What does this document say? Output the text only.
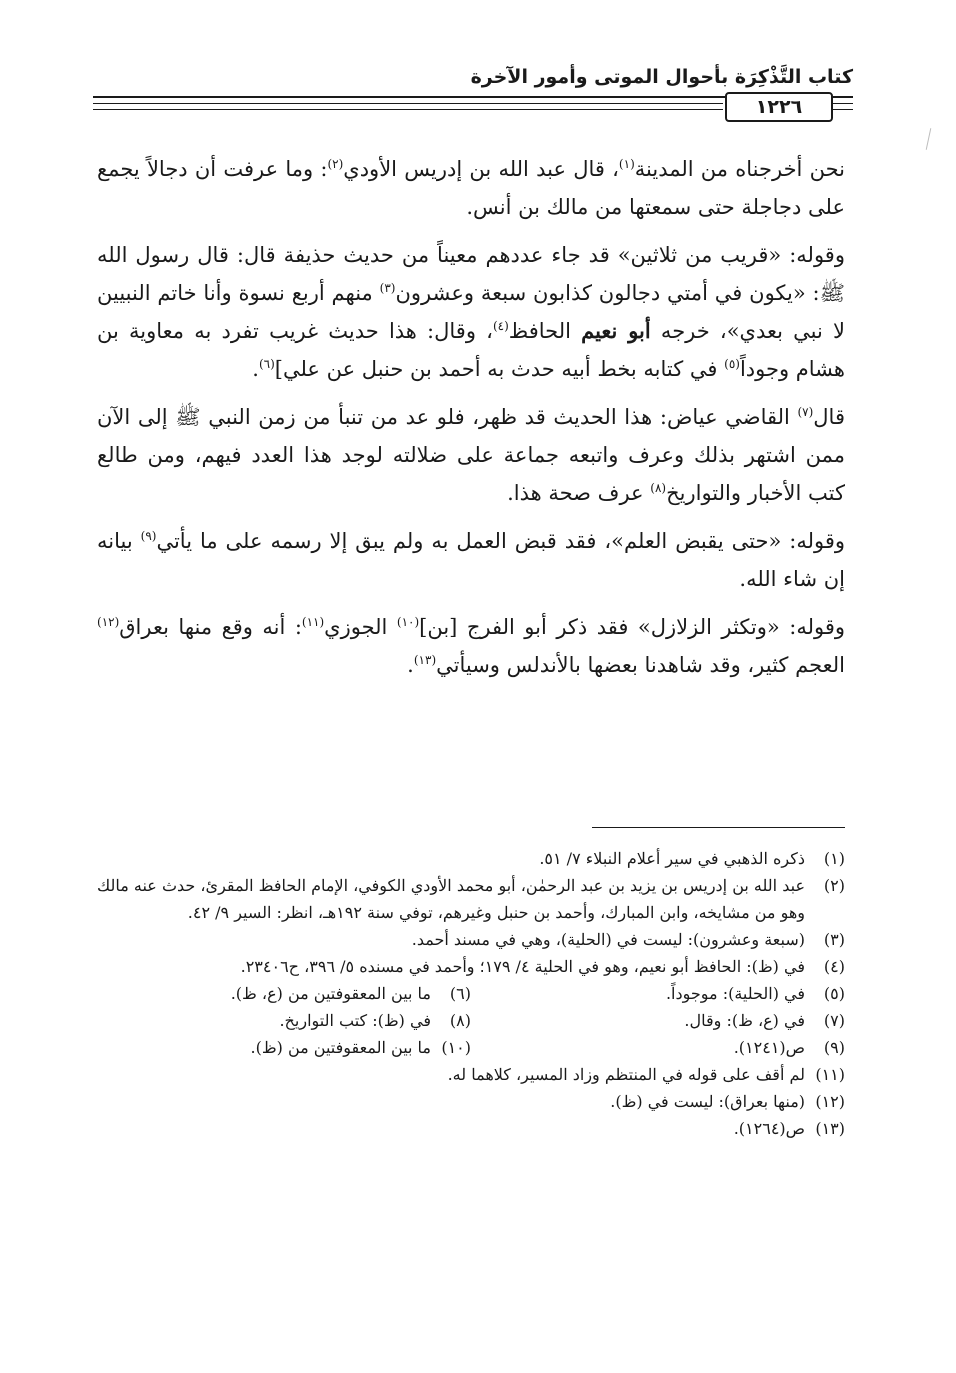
كتاب التَّذْكِرَة بأحوال الموتى وأمور الآخرة
١٢٢٦

نحن أخرجناه من المدينة$^{(١)}$، قال عبد الله بن إدريس الأودي$^{(٢)}$: وما عرفت أن دجالاً يجمع على دجاجلة حتى سمعتها من مالك بن أنس.

وقوله: «قريب من ثلاثين» قد جاء عددهم معيناً من حديث حذيفة قال: قال رسول الله ﷺ: «يكون في أمتي دجالون كذابون سبعة وعشرون$^{(٣)}$ منهم أربع نسوة وأنا خاتم النبيين لا نبي بعدي»، خرجه أبو نعيم الحافظ$^{(٤)}$، وقال: هذا حديث غريب تفرد به معاوية بن هشام وجوداً$^{(٥)}$ في كتابه بخط أبيه حدث به أحمد بن حنبل عن علي]$^{(٦)}$.

قال$^{(٧)}$ القاضي عياض: هذا الحديث قد ظهر، فلو عد من تنبأ من زمن النبي ﷺ إلى الآن ممن اشتهر بذلك وعرف واتبعه جماعة على ضلالته لوجد هذا العدد فيهم، ومن طالع كتب الأخبار والتواريخ$^{(٨)}$ عرف صحة هذا.

وقوله: «حتى يقبض العلم»، فقد قبض العمل به ولم يبق إلا رسمه على ما يأتي$^{(٩)}$ بيانه إن شاء الله.

وقوله: «وتكثر الزلازل» فقد ذكر أبو الفرج [بن]$^{(١٠)}$ الجوزي$^{(١١)}$: أنه وقع منها بعراق$^{(١٢)}$ العجم كثير، وقد شاهدنا بعضها بالأندلس وسيأتي$^{(١٣)}$.

(١)
ذكره الذهبي في سير أعلام النبلاء ٧/ ٥١.
(٢)
عبد الله بن إدريس بن يزيد بن عبد الرحمٰن، أبو محمد الأودي الكوفي، الإمام الحافظ المقرئ، حدث عنه مالك وهو من مشايخه، وابن المبارك، وأحمد بن حنبل وغيرهم، توفي سنة ١٩٢هـ، انظر: السير ٩/ ٤٢.
(٣)
(سبعة وعشرون): ليست في (الحلية)، وهي في مسند أحمد.
(٤)
في (ظ): الحافظ أبو نعيم، وهو في الحلية ٤/ ١٧٩؛ وأحمد في مسنده ٥/ ٣٩٦، ح٢٣٤٠٦.
(٥)
في (الحلية): موجوداً.
(٦)
ما بين المعقوفتين من (ع، ظ).
(٧)
في (ع، ظ): وقال.
(٨)
في (ظ): كتب التواريخ.
(٩)
ص(١٢٤١).
(١٠)
ما بين المعقوفتين من (ظ).
(١١)
لم أقف على قوله في المنتظم وزاد المسير، كلاهما له.
(١٢)
(منها بعراق): ليست في (ظ).
(١٣)
ص(١٢٦٤).
